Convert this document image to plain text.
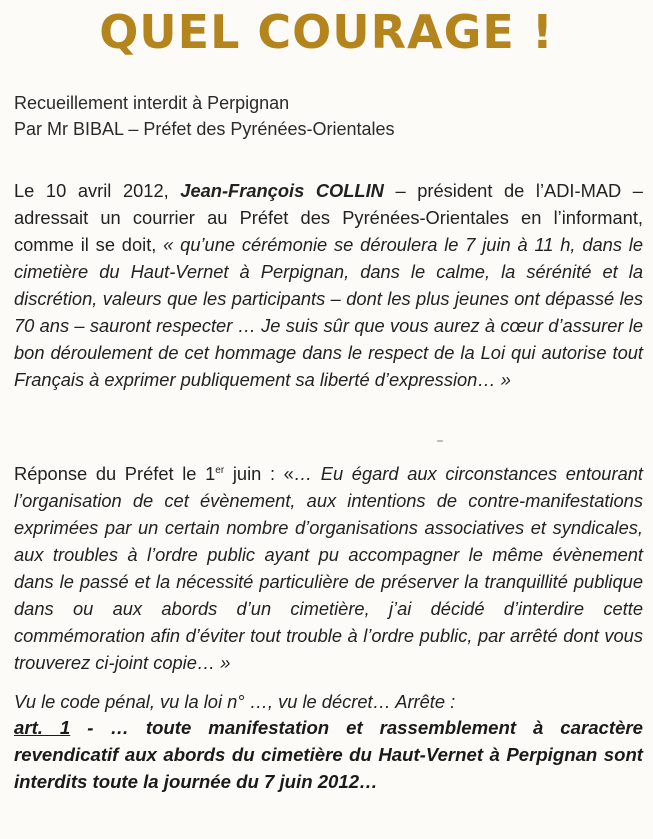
QUEL COURAGE !

Recueillement interdit à Perpignan
Par Mr BIBAL – Préfet des Pyrénées-Orientales

Le 10 avril 2012, Jean-François COLLIN – président de l’ADI-MAD – adressait un courrier au Préfet des Pyrénées-Orientales en l’informant, comme il se doit, « qu’une cérémonie se déroulera le 7 juin à 11 h, dans le cimetière du Haut-Vernet à Perpignan, dans le calme, la sérénité et la discrétion, valeurs que les participants – dont les plus jeunes ont dépassé les 70 ans – sauront respecter … Je suis sûr que vous aurez à cœur d’assurer le bon déroulement de cet hommage dans le respect de la Loi qui autorise tout Français à exprimer publiquement sa liberté d’expression… »

Réponse du Préfet le 1er juin : «… Eu égard aux circonstances entourant l’organisation de cet évènement, aux intentions de contre-manifestations exprimées par un certain nombre d’organisations associatives et syndicales, aux troubles à l’ordre public ayant pu accompagner le même évènement dans le passé et la nécessité particulière de préserver la tranquillité publique dans ou aux abords d’un cimetière, j’ai décidé d’interdire cette commémoration afin d’éviter tout trouble à l’ordre public, par arrêté dont vous trouverez ci-joint copie… »

Vu le code pénal, vu la loi n° …, vu le décret… Arrête :

art. 1 - … toute manifestation et rassemblement à caractère revendicatif aux abords du cimetière du Haut-Vernet à Perpignan sont interdits toute la journée du 7 juin 2012…
